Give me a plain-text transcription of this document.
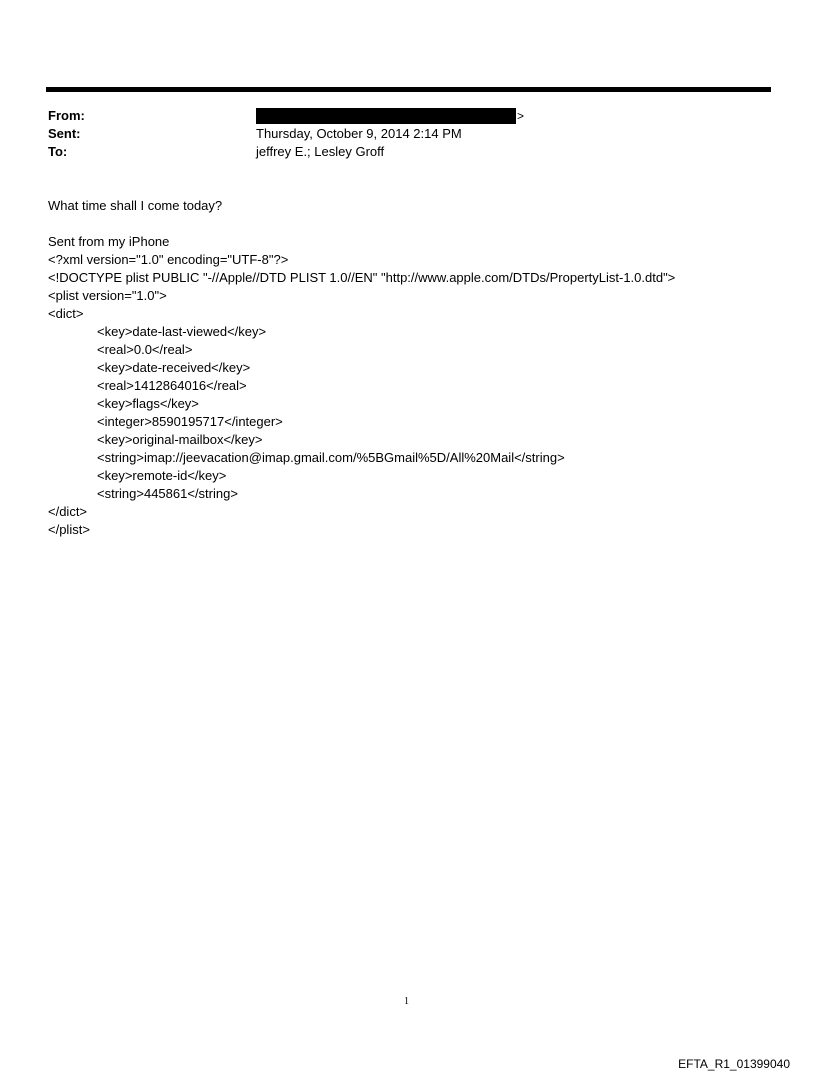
From:	>
Sent:	Thursday, October 9, 2014 2:14 PM
To:	jeffrey E.; Lesley Groff
What time shall I come today?
Sent from my iPhone
<?xml version="1.0" encoding="UTF-8"?>
<!DOCTYPE plist PUBLIC "-//Apple//DTD PLIST 1.0//EN" "http://www.apple.com/DTDs/PropertyList-1.0.dtd">
<plist version="1.0">
<dict>
<key>date-last-viewed</key>
<real>0.0</real>
<key>date-received</key>
<real>1412864016</real>
<key>flags</key>
<integer>8590195717</integer>
<key>original-mailbox</key>
<string>imap://jeevacation@imap.gmail.com/%5BGmail%5D/All%20Mail</string>
<key>remote-id</key>
<string>445861</string>
</dict>
</plist>
1
EFTA_R1_01399040
